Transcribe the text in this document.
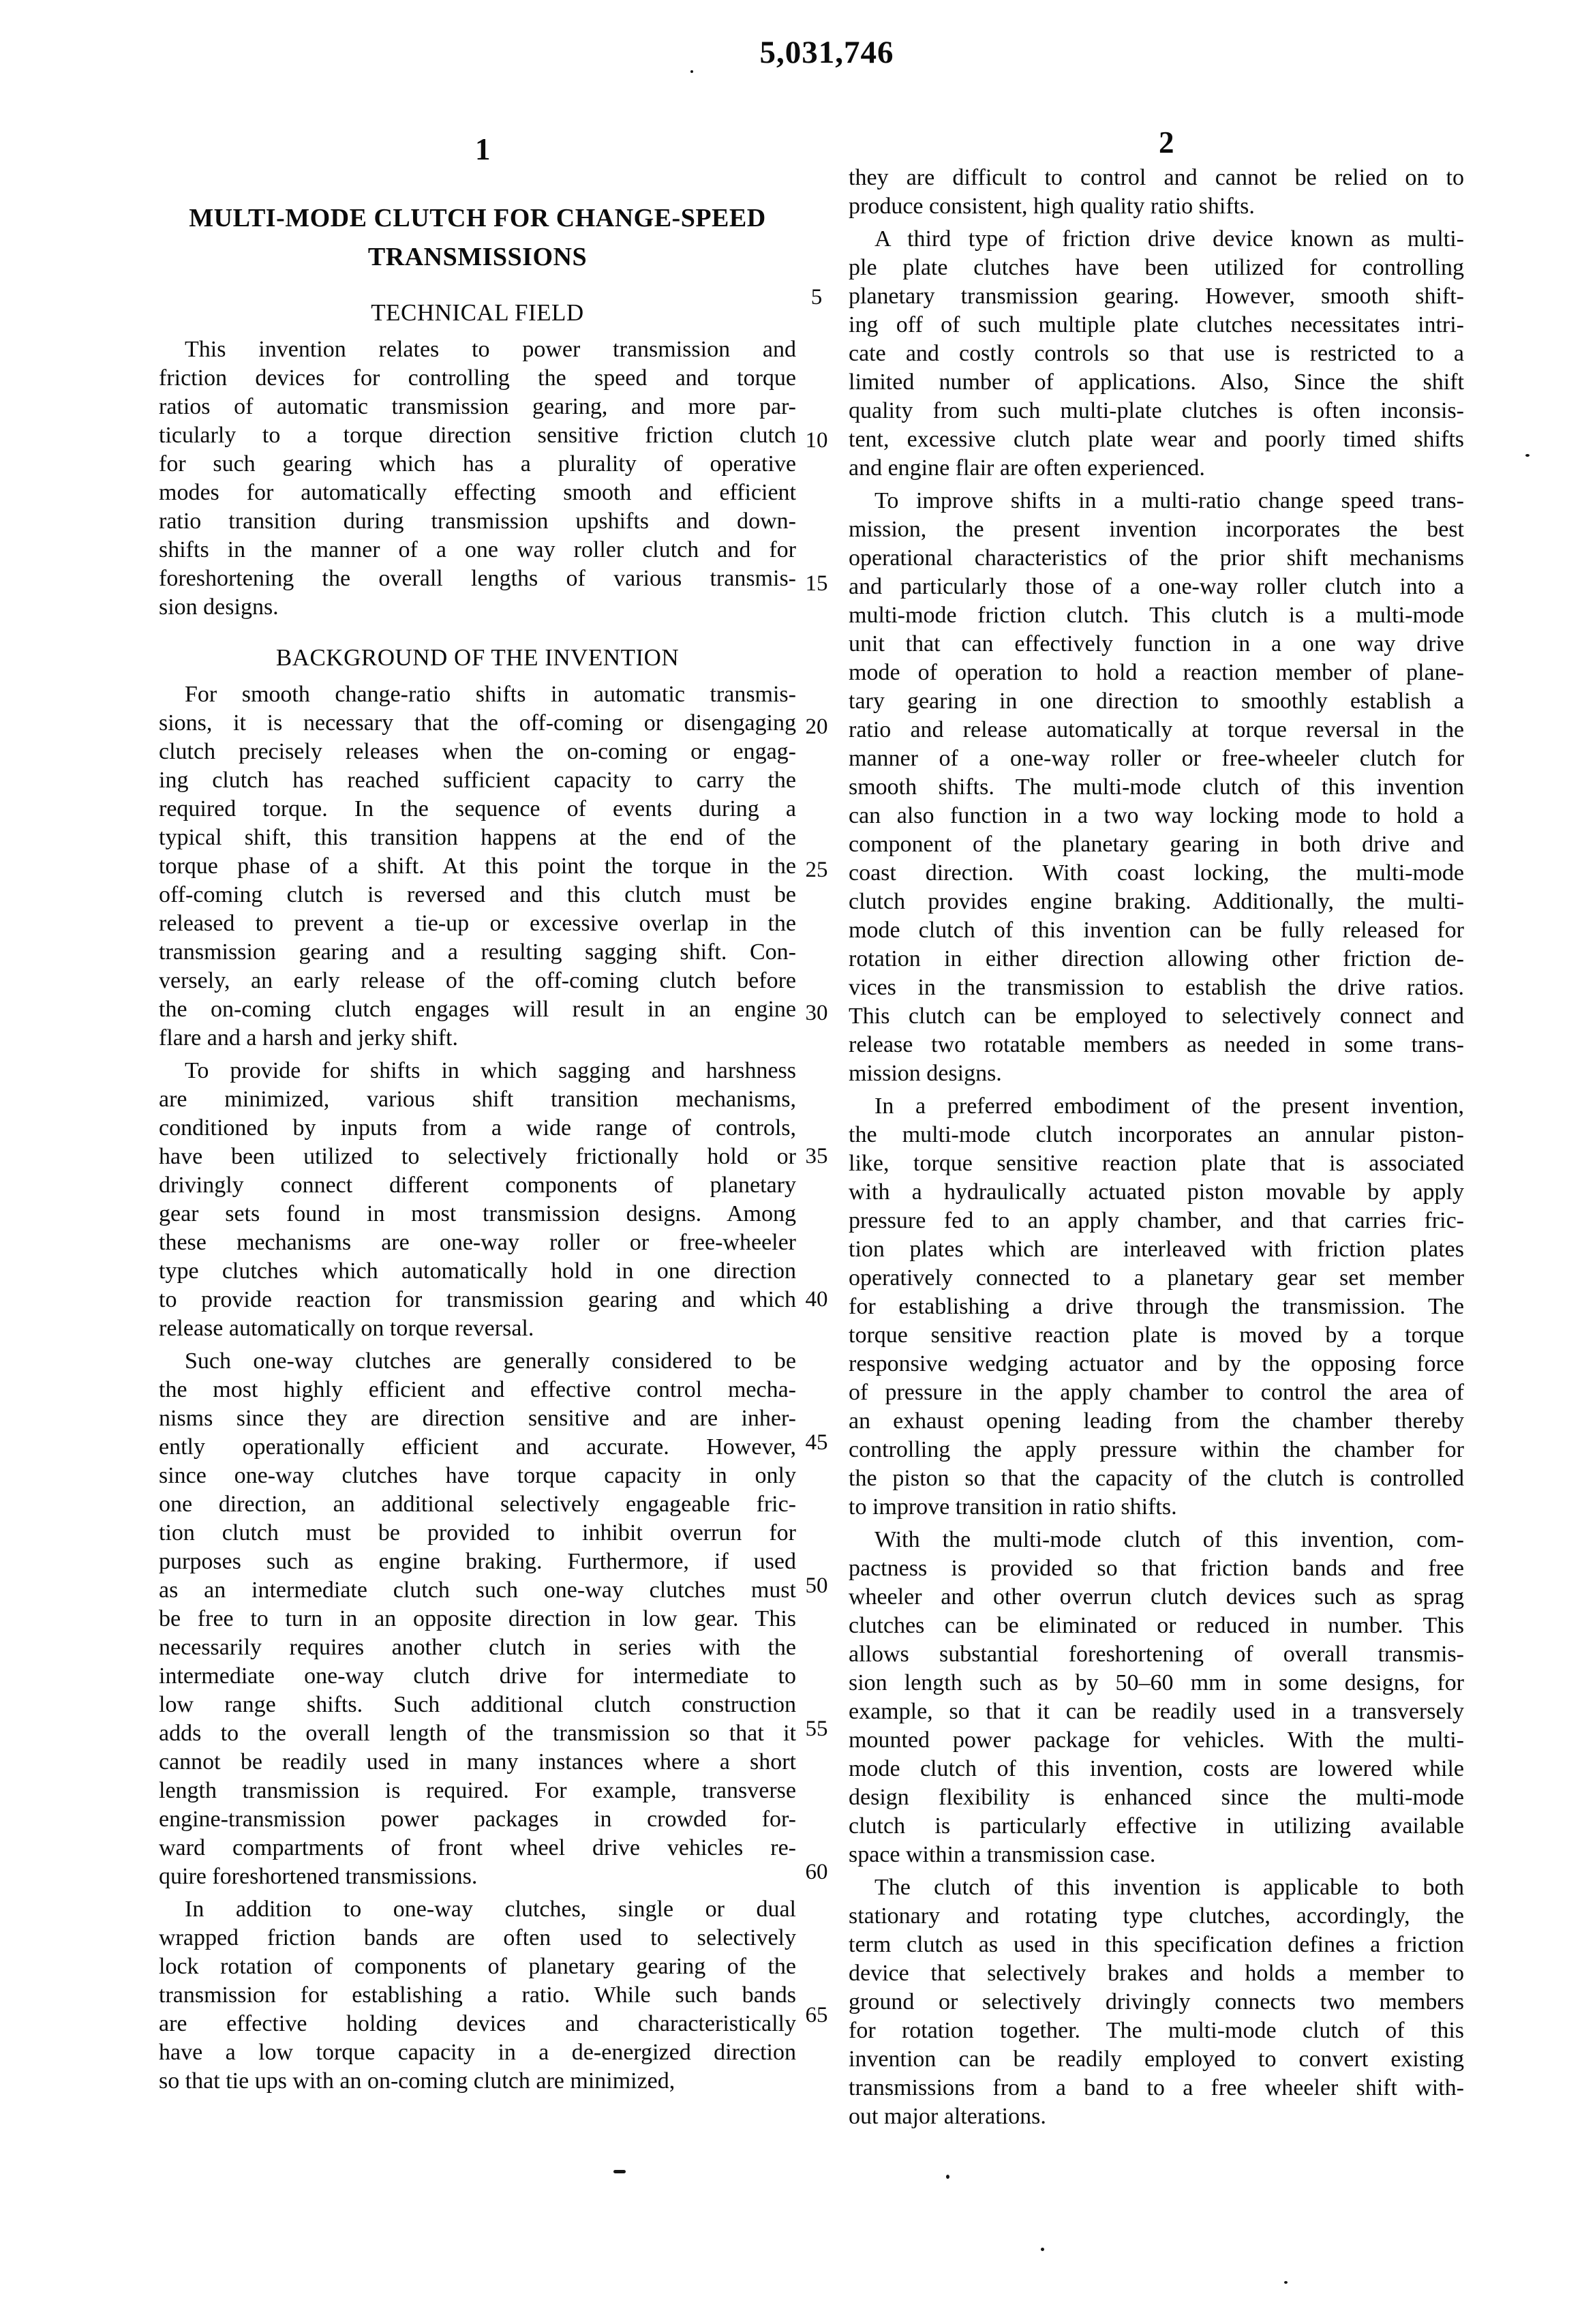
5,031,746
1	2
MULTI-MODE CLUTCH FOR CHANGE-SPEED
TRANSMISSIONS
TECHNICAL FIELD
This invention relates to power transmission and
friction devices for controlling the speed and torque
ratios of automatic transmission gearing, and more par-
ticularly to a torque direction sensitive friction clutch
for such gearing which has a plurality of operative
modes for automatically effecting smooth and efficient
ratio transition during transmission upshifts and down-
shifts in the manner of a one way roller clutch and for
foreshortening the overall lengths of various transmis-
sion designs.
BACKGROUND OF THE INVENTION
For smooth change-ratio shifts in automatic transmis-
sions, it is necessary that the off-coming or disengaging
clutch precisely releases when the on-coming or engag-
ing clutch has reached sufficient capacity to carry the
required torque. In the sequence of events during a
typical shift, this transition happens at the end of the
torque phase of a shift. At this point the torque in the
off-coming clutch is reversed and this clutch must be
released to prevent a tie-up or excessive overlap in the
transmission gearing and a resulting sagging shift. Con-
versely, an early release of the off-coming clutch before
the on-coming clutch engages will result in an engine
flare and a harsh and jerky shift.
To provide for shifts in which sagging and harshness
are minimized, various shift transition mechanisms,
conditioned by inputs from a wide range of controls,
have been utilized to selectively frictionally hold or
drivingly connect different components of planetary
gear sets found in most transmission designs. Among
these mechanisms are one-way roller or free-wheeler
type clutches which automatically hold in one direction
to provide reaction for transmission gearing and which
release automatically on torque reversal.
Such one-way clutches are generally considered to be
the most highly efficient and effective control mecha-
nisms since they are direction sensitive and are inher-
ently operationally efficient and accurate. However,
since one-way clutches have torque capacity in only
one direction, an additional selectively engageable fric-
tion clutch must be provided to inhibit overrun for
purposes such as engine braking. Furthermore, if used
as an intermediate clutch such one-way clutches must
be free to turn in an opposite direction in low gear. This
necessarily requires another clutch in series with the
intermediate one-way clutch drive for intermediate to
low range shifts. Such additional clutch construction
adds to the overall length of the transmission so that it
cannot be readily used in many instances where a short
length transmission is required. For example, transverse
engine-transmission power packages in crowded for-
ward compartments of front wheel drive vehicles re-
quire foreshortened transmissions.
In addition to one-way clutches, single or dual
wrapped friction bands are often used to selectively
lock rotation of components of planetary gearing of the
transmission for establishing a ratio. While such bands
are effective holding devices and characteristically
have a low torque capacity in a de-energized direction
so that tie ups with an on-coming clutch are minimized,
they are difficult to control and cannot be relied on to
produce consistent, high quality ratio shifts.
A third type of friction drive device known as multi-
ple plate clutches have been utilized for controlling
planetary transmission gearing. However, smooth shift-
ing off of such multiple plate clutches necessitates intri-
cate and costly controls so that use is restricted to a
limited number of applications. Also, Since the shift
quality from such multi-plate clutches is often inconsis-
tent, excessive clutch plate wear and poorly timed shifts
and engine flair are often experienced.
To improve shifts in a multi-ratio change speed trans-
mission, the present invention incorporates the best
operational characteristics of the prior shift mechanisms
and particularly those of a one-way roller clutch into a
multi-mode friction clutch. This clutch is a multi-mode
unit that can effectively function in a one way drive
mode of operation to hold a reaction member of plane-
tary gearing in one direction to smoothly establish a
ratio and release automatically at torque reversal in the
manner of a one-way roller or free-wheeler clutch for
smooth shifts. The multi-mode clutch of this invention
can also function in a two way locking mode to hold a
component of the planetary gearing in both drive and
coast direction. With coast locking, the multi-mode
clutch provides engine braking. Additionally, the multi-
mode clutch of this invention can be fully released for
rotation in either direction allowing other friction de-
vices in the transmission to establish the drive ratios.
This clutch can be employed to selectively connect and
release two rotatable members as needed in some trans-
mission designs.
In a preferred embodiment of the present invention,
the multi-mode clutch incorporates an annular piston-
like, torque sensitive reaction plate that is associated
with a hydraulically actuated piston movable by apply
pressure fed to an apply chamber, and that carries fric-
tion plates which are interleaved with friction plates
operatively connected to a planetary gear set member
for establishing a drive through the transmission. The
torque sensitive reaction plate is moved by a torque
responsive wedging actuator and by the opposing force
of pressure in the apply chamber to control the area of
an exhaust opening leading from the chamber thereby
controlling the apply pressure within the chamber for
the piston so that the capacity of the clutch is controlled
to improve transition in ratio shifts.
With the multi-mode clutch of this invention, com-
pactness is provided so that friction bands and free
wheeler and other overrun clutch devices such as sprag
clutches can be eliminated or reduced in number. This
allows substantial foreshortening of overall transmis-
sion length such as by 50–60 mm in some designs, for
example, so that it can be readily used in a transversely
mounted power package for vehicles. With the multi-
mode clutch of this invention, costs are lowered while
design flexibility is enhanced since the multi-mode
clutch is particularly effective in utilizing available
space within a transmission case.
The clutch of this invention is applicable to both
stationary and rotating type clutches, accordingly, the
term clutch as used in this specification defines a friction
device that selectively brakes and holds a member to
ground or selectively drivingly connects two members
for rotation together. The multi-mode clutch of this
invention can be readily employed to convert existing
transmissions from a band to a free wheeler shift with-
out major alterations.
5
10
15
20
25
30
35
40
45
50
55
60
65
